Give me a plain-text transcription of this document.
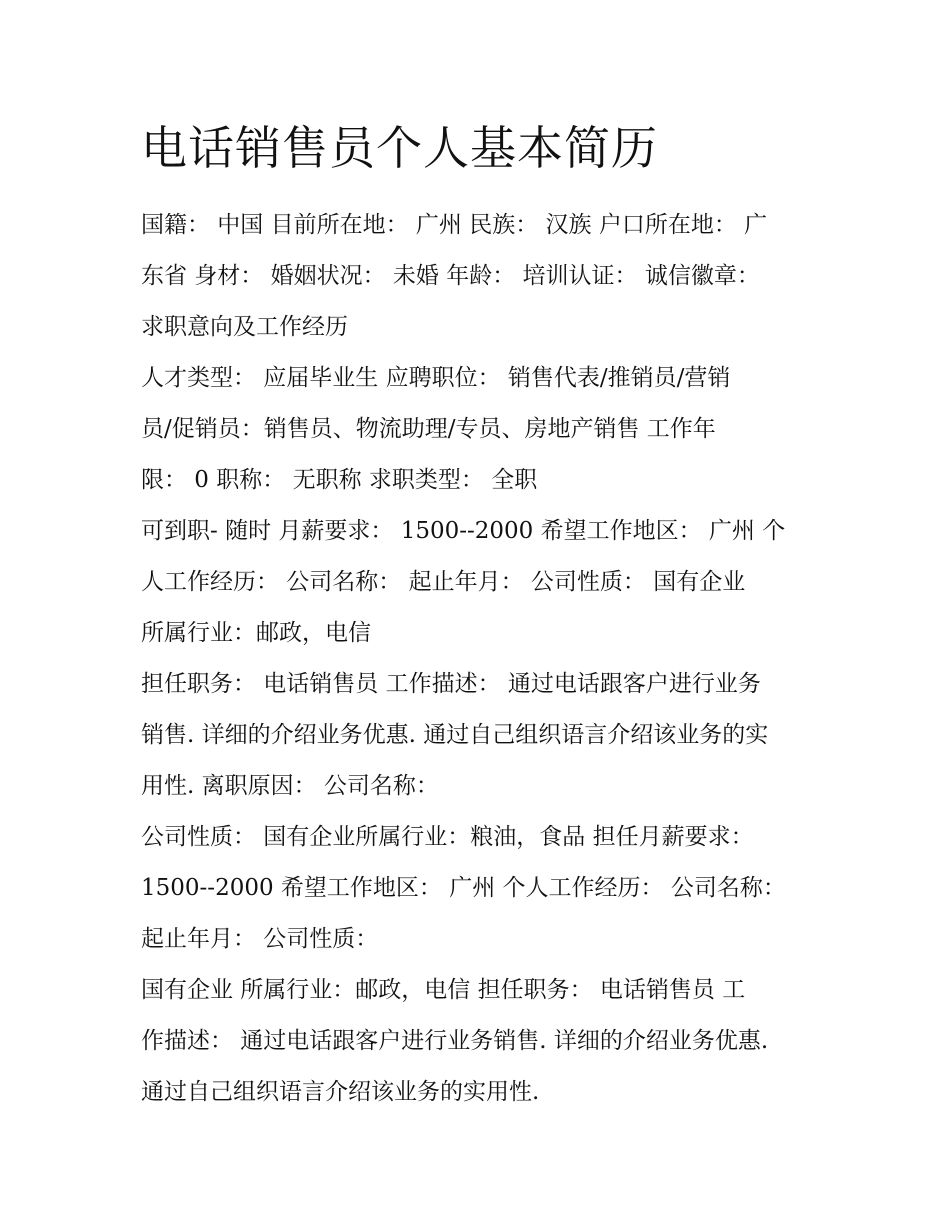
电话销售员个人基本简历
国籍： 中国 目前所在地： 广州 民族： 汉族 户口所在地： 广
东省 身材： 婚姻状况： 未婚 年龄： 培训认证： 诚信徽章：
求职意向及工作经历
人才类型： 应届毕业生 应聘职位： 销售代表/推销员/营销
员/促销员：销售员、物流助理/专员、房地产销售 工作年
限： 0 职称： 无职称 求职类型： 全职
可到职- 随时 月薪要求： 1500--2000 希望工作地区： 广州 个
人工作经历： 公司名称： 起止年月： 公司性质： 国有企业
所属行业：邮政，电信
担任职务： 电话销售员 工作描述： 通过电话跟客户进行业务
销售. 详细的介绍业务优惠. 通过自己组织语言介绍该业务的实
用性. 离职原因： 公司名称：
公司性质： 国有企业所属行业：粮油，食品 担任月薪要求：
1500--2000 希望工作地区： 广州 个人工作经历： 公司名称：
起止年月： 公司性质：
国有企业 所属行业：邮政，电信 担任职务： 电话销售员 工
作描述： 通过电话跟客户进行业务销售. 详细的介绍业务优惠.
通过自己组织语言介绍该业务的实用性.
